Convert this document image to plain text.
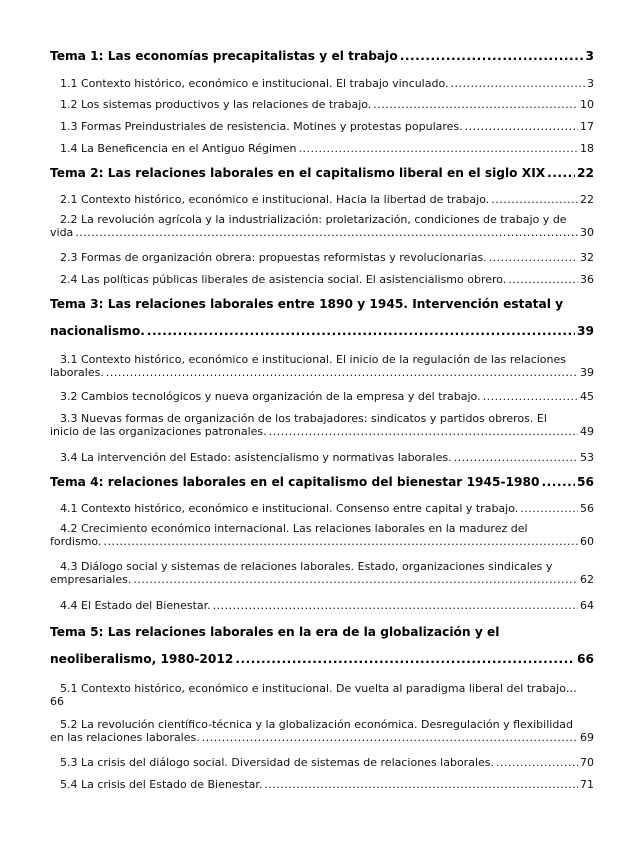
Tema 1: Las economías precapitalistas y el trabajo .....	3
1.1 Contexto histórico, económico e institucional. El trabajo vinculado. .....	3
1.2 Los sistemas productivos y las relaciones de trabajo. .....	10
1.3 Formas Preindustriales de resistencia. Motines y protestas populares. .....	17
1.4 La Beneficencia en el Antiguo Régimen .....	18
Tema 2: Las relaciones laborales en el capitalismo liberal en el siglo XIX .....	22
2.1 Contexto histórico, económico e institucional. Hacia la libertad de trabajo. .....	22
2.2 La revolución agrícola y la industrialización: proletarización, condiciones de trabajo y de
vida .....	30
2.3 Formas de organización obrera: propuestas reformistas y revolucionarias. .....	32
2.4 Las políticas públicas liberales de asistencia social. El asistencialismo obrero. .....	36
Tema 3: Las relaciones laborales entre 1890 y 1945. Intervención estatal y
nacionalismo. .....	39
3.1 Contexto histórico, económico e institucional. El inicio de la regulación de las relaciones
laborales. .....	39
3.2 Cambios tecnológicos y nueva organización de la empresa y del trabajo. .....	45
3.3 Nuevas formas de organización de los trabajadores: sindicatos y partidos obreros. El
inicio de las organizaciones patronales. .....	49
3.4 La intervención del Estado: asistencialismo y normativas laborales. .....	53
Tema 4: relaciones laborales en el capitalismo del bienestar 1945-1980 .....	56
4.1 Contexto histórico, económico e institucional. Consenso entre capital y trabajo. .....	56
4.2 Crecimiento económico internacional. Las relaciones laborales en la madurez del
fordismo. .....	60
4.3 Diálogo social y sistemas de relaciones laborales. Estado, organizaciones sindicales y
empresariales. .....	62
4.4 El Estado del Bienestar. .....	64
Tema 5: Las relaciones laborales en la era de la globalización y el
neoliberalismo, 1980-2012 .....	66
5.1 Contexto histórico, económico e institucional. De vuelta al paradigma liberal del trabajo…
66
5.2 La revolución científico-técnica y la globalización económica. Desregulación y flexibilidad
en las relaciones laborales. .....	69
5.3 La crisis del diálogo social. Diversidad de sistemas de relaciones laborales. .....	70
5.4 La crisis del Estado de Bienestar. .....	71
